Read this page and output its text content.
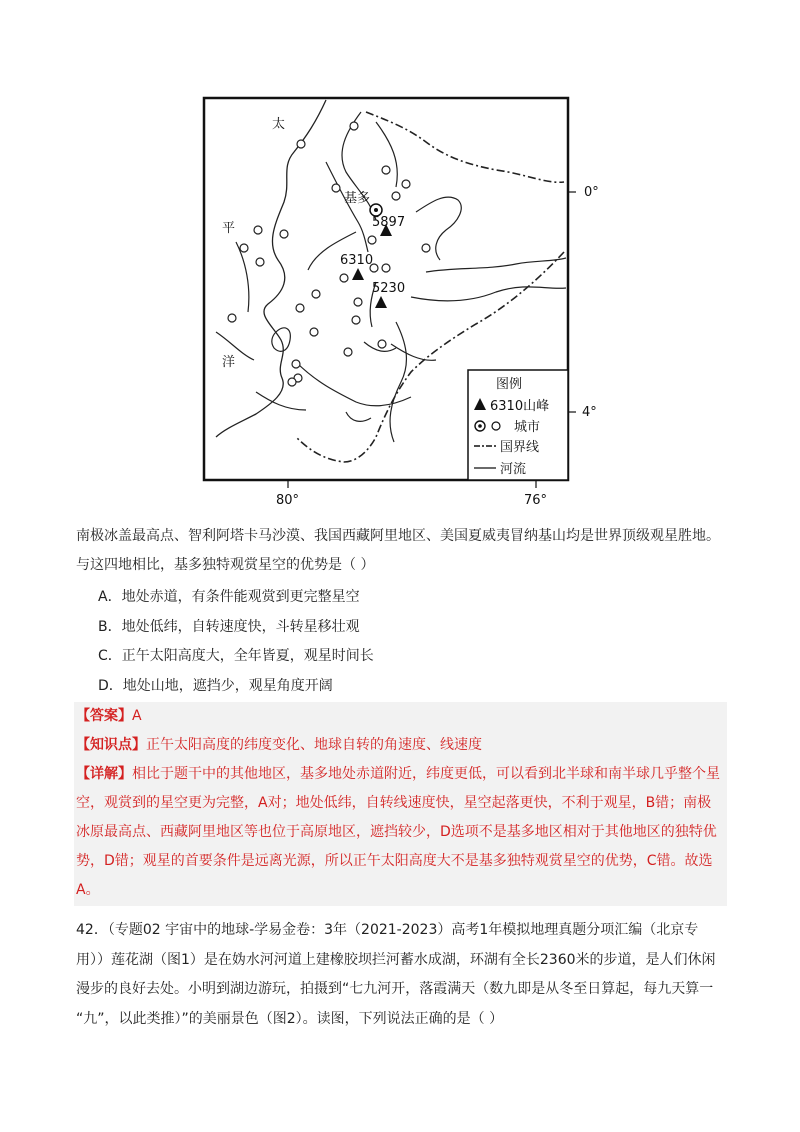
太
平
洋
基多
5897
6310
5230
0°
4°
80°	76°
图例
6310山峰
城市
国界线
河流
南极冰盖最高点、智利阿塔卡马沙漠、我国西藏阿里地区、美国夏威夷冒纳基山均是世界顶级观星胜地。
与这四地相比，基多独特观赏星空的优势是（ ）
A．地处赤道，有条件能观赏到更完整星空
B．地处低纬，自转速度快，斗转星移壮观
C．正午太阳高度大，全年皆夏，观星时间长
D．地处山地，遮挡少，观星角度开阔
【答案】A
【知识点】正午太阳高度的纬度变化、地球自转的角速度、线速度
【详解】相比于题干中的其他地区，基多地处赤道附近，纬度更低，可以看到北半球和南半球几乎整个星
空，观赏到的星空更为完整，A对；地处低纬，自转线速度快，星空起落更快，不利于观星，B错；南极
冰原最高点、西藏阿里地区等也位于高原地区，遮挡较少，D选项不是基多地区相对于其他地区的独特优
势，D错；观星的首要条件是远离光源，所以正午太阳高度大不是基多独特观赏星空的优势，C错。故选
A。
42．（专题02 宇宙中的地球-学易金卷：3年（2021-2023）高考1年模拟地理真题分项汇编（北京专
用））莲花湖（图1）是在妫水河河道上建橡胶坝拦河蓄水成湖，环湖有全长2360米的步道，是人们休闲
漫步的良好去处。小明到湖边游玩，拍摄到“七九河开，落霞满天（数九即是从冬至日算起，每九天算一
“九”，以此类推）”的美丽景色（图2）。读图，下列说法正确的是（ ）
